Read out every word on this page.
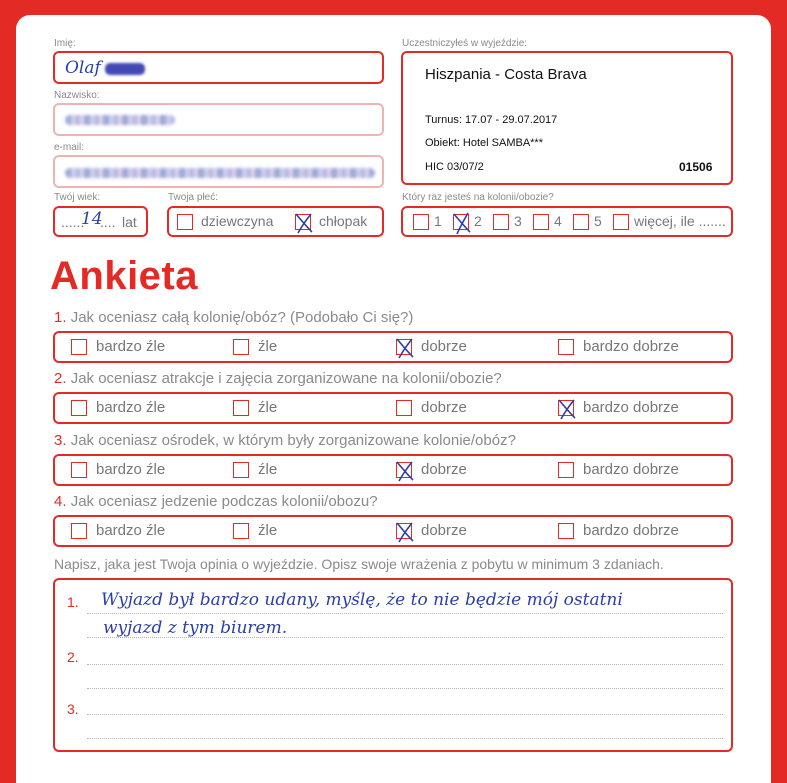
Imię:
Olaf
Nazwisko:
e-mail:
Twój wiek:
......
14
.... lat
Twoja płeć:
dziewczyna	chłopak
Uczestniczyłeś w wyjeździe:
Hiszpania - Costa Brava
Turnus: 17.07 - 29.07.2017
Obiekt: Hotel SAMBA***
HIC 03/07/2	01506
Który raz jesteś na kolonii/obozie?
1 2 3 4 5 więcej, ile .......
Ankieta
1. Jak oceniasz całą kolonię/obóz? (Podobało Ci się?)
bardzo źle	źle	dobrze	bardzo dobrze
2. Jak oceniasz atrakcje i zajęcia zorganizowane na kolonii/obozie?
bardzo źle	źle	dobrze	bardzo dobrze
3. Jak oceniasz ośrodek, w którym były zorganizowane kolonie/obóz?
bardzo źle	źle	dobrze	bardzo dobrze
4. Jak oceniasz jedzenie podczas kolonii/obozu?
bardzo źle	źle	dobrze	bardzo dobrze
Napisz, jaka jest Twoja opinia o wyjeździe. Opisz swoje wrażenia z pobytu w minimum 3 zdaniach.
1.
2.
3.
Wyjazd był bardzo udany, myślę, że to nie będzie mój ostatni
wyjazd z tym biurem.
